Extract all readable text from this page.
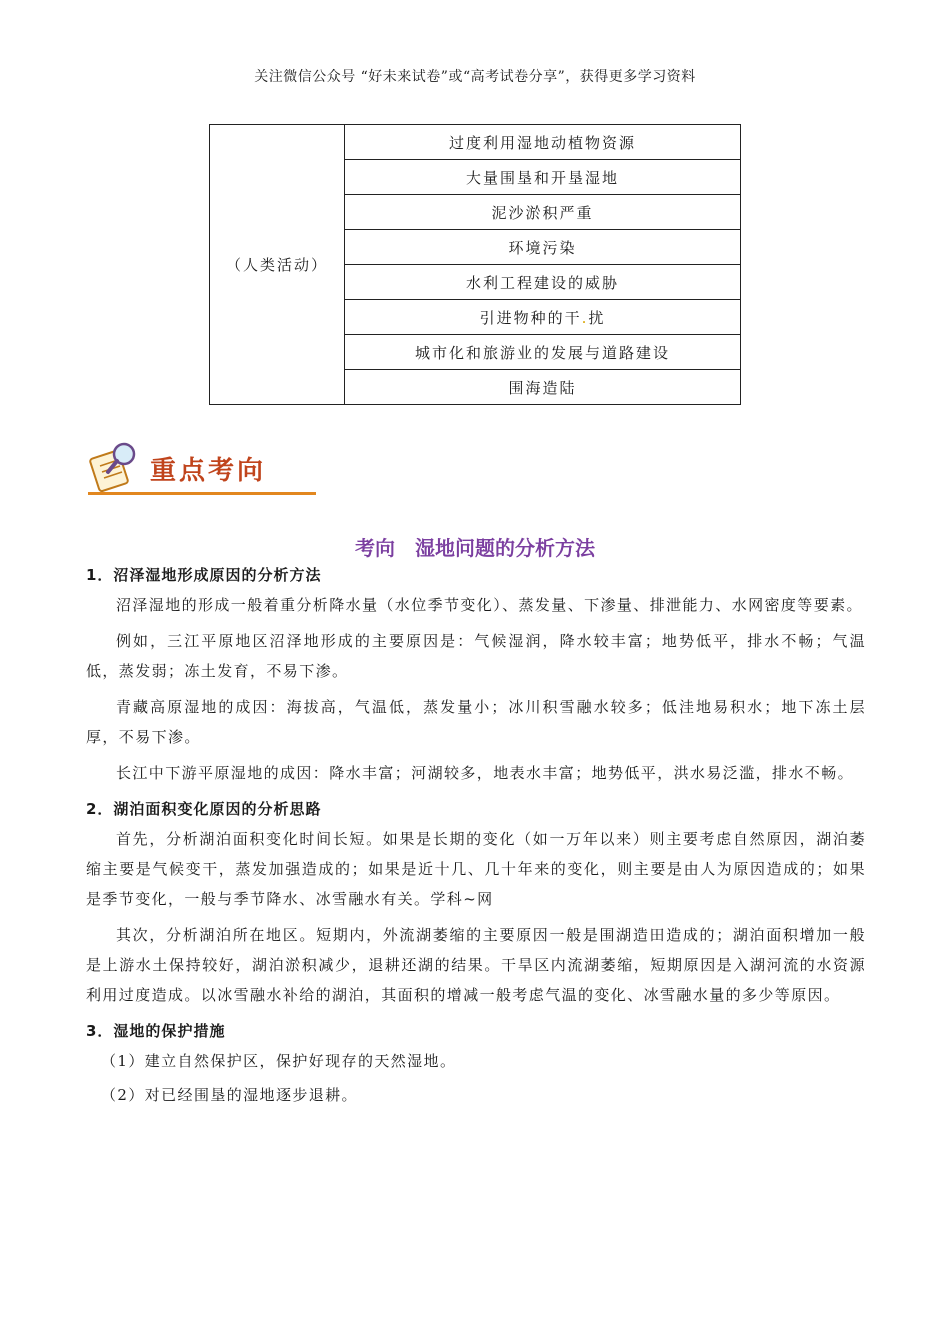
关注微信公众号 “好未来试卷”或“高考试卷分享”，获得更多学习资料
（人类活动）	过度利用湿地动植物资源
大量围垦和开垦湿地
泥沙淤积严重
环境污染
水利工程建设的威胁
引进物种的干.扰
城市化和旅游业的发展与道路建设
围海造陆
重点考向
考向　湿地问题的分析方法
1．沼泽湿地形成原因的分析方法

沼泽湿地的形成一般着重分析降水量（水位季节变化）、蒸发量、下渗量、排泄能力、水网密度等要素。

例如，三江平原地区沼泽地形成的主要原因是：气候湿润，降水较丰富；地势低平，排水不畅；气温低，蒸发弱；冻土发育，不易下渗。

青藏高原湿地的成因：海拔高，气温低，蒸发量小；冰川积雪融水较多；低洼地易积水；地下冻土层厚，不易下渗。

长江中下游平原湿地的成因：降水丰富；河湖较多，地表水丰富；地势低平，洪水易泛滥，排水不畅。

2．湖泊面积变化原因的分析思路

首先，分析湖泊面积变化时间长短。如果是长期的变化（如一万年以来）则主要考虑自然原因，湖泊萎缩主要是气候变干，蒸发加强造成的；如果是近十几、几十年来的变化，则主要是由人为原因造成的；如果是季节变化，一般与季节降水、冰雪融水有关。学科~网

其次，分析湖泊所在地区。短期内，外流湖萎缩的主要原因一般是围湖造田造成的；湖泊面积增加一般是上游水土保持较好，湖泊淤积减少，退耕还湖的结果。干旱区内流湖萎缩，短期原因是入湖河流的水资源利用过度造成。以冰雪融水补给的湖泊，其面积的增减一般考虑气温的变化、冰雪融水量的多少等原因。

3．湿地的保护措施

（1）建立自然保护区，保护好现存的天然湿地。

（2）对已经围垦的湿地逐步退耕。
